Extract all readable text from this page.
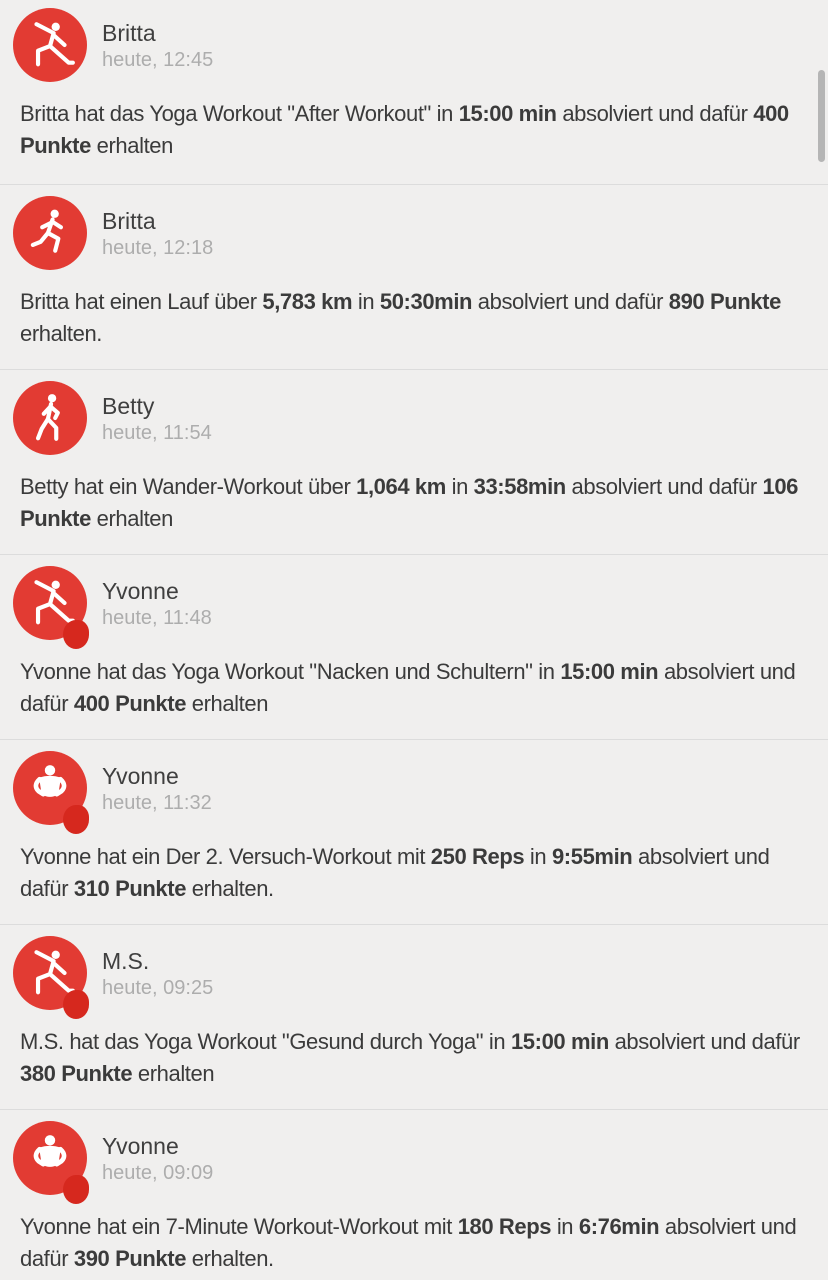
Britta
heute, 12:45

Britta hat das Yoga Workout "After Workout" in 15:00 min absolviert und dafür 400 Punkte erhalten

Britta
heute, 12:18

Britta hat einen Lauf über 5,783 km in 50:30min absolviert und dafür 890 Punkte erhalten.

Betty
heute, 11:54

Betty hat ein Wander-Workout über 1,064 km in 33:58min absolviert und dafür 106 Punkte erhalten

Yvonne
heute, 11:48

Yvonne hat das Yoga Workout "Nacken und Schultern" in 15:00 min absolviert und dafür 400 Punkte erhalten

Yvonne
heute, 11:32

Yvonne hat ein Der 2. Versuch-Workout mit 250 Reps in 9:55min absolviert und dafür 310 Punkte erhalten.

M.S.
heute, 09:25

M.S. hat das Yoga Workout "Gesund durch Yoga" in 15:00 min absolviert und dafür 380 Punkte erhalten

Yvonne
heute, 09:09

Yvonne hat ein 7-Minute Workout-Workout mit 180 Reps in 6:76min absolviert und dafür 390 Punkte erhalten.
